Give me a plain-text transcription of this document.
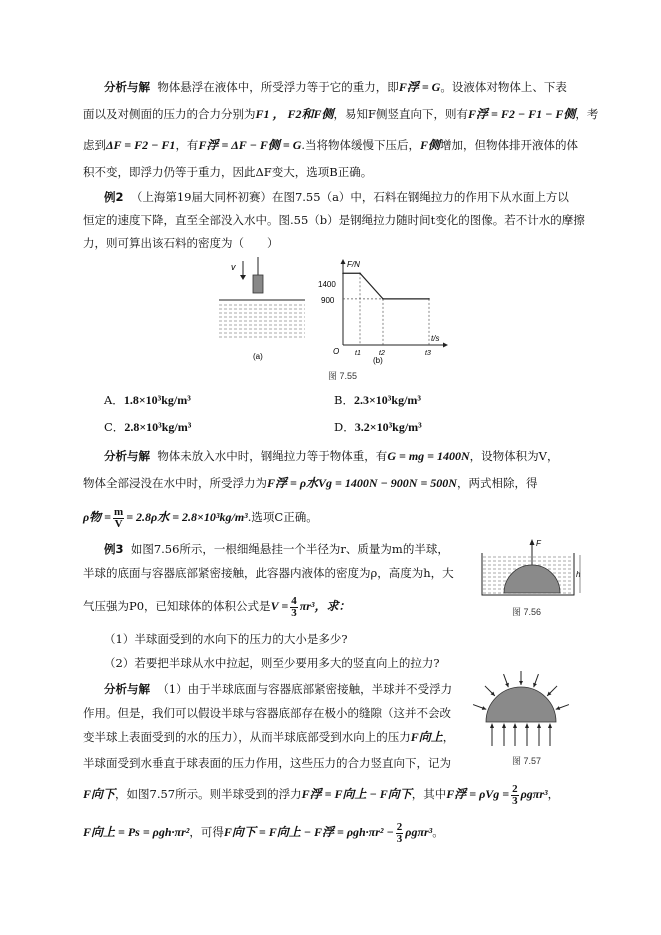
分析与解 物体悬浮在液体中，所受浮力等于它的重力，即F浮 = G。设液体对物体上、下表
面以及对侧面的压力的合力分别为F1 ， F2和F侧，易知F侧竖直向下，则有F浮 = F2 − F1 − F侧，考
虑到ΔF = F2 − F1，有F浮 = ΔF − F侧 = G.当将物体缓慢下压后，F侧增加，但物体排开液体的体
积不变，即浮力仍等于重力，因此ΔF变大，选项B正确。
例2 （上海第19届大同杯初赛）在图7.55（a）中，石料在钢绳拉力的作用下从水面上方以
恒定的速度下降，直至全部没入水中。图.55（b）是钢绳拉力随时间t变化的图像。若不计水的摩擦
力，则可算出该石料的密度为（　　）
v
(a)
F/N
t/s
O
1400
900
t1	t2	t3
(b)
图 7.55
A．1.8×10³kg/m³	B．2.3×10³kg/m³
C．2.8×10³kg/m³	D．3.2×10³kg/m³
分析与解 物体未放入水中时，钢绳拉力等于物体重，有G = mg = 1400N，设物体积为V，
物体全部浸没在水中时，所受浮力为F浮 = ρ水Vg = 1400N − 900N = 500N，两式相除，得
ρ物 = $\frac{m}{V} = 2.8\rho$水 = 2.8×10³kg/m³.选项C正确。
例3 如图7.56所示，一根细绳悬挂一个半径为r、质量为m的半球，
半球的底面与容器底部紧密接触，此容器内液体的密度为ρ，高度为h，大
气压强为P0，已知球体的体积公式是$V = \frac{4}{3} \pi r^3$，求：
（1）半球面受到的水向下的压力的大小是多少?
（2）若要把半球从水中拉起，则至少要用多大的竖直向上的拉力?
F
h
图 7.56
分析与解 （1）由于半球底面与容器底部紧密接触，半球并不受浮力
作用。但是，我们可以假设半球与容器底部存在极小的缝隙（这并不会改
变半球上表面受到的水的压力），从而半球底部受到水向上的压力F向上，
半球面受到水垂直于球表面的压力作用，这些压力的合力竖直向下，记为
F向下，如图7.57所示。则半球受到的浮力F浮 = F向上 − F向下，其中F浮 = $\rho Vg = \frac{2}{3} \rho g\pi r^3$，
F向上 = Ps = ρgh·πr²，可得F向下 = F向上 − F浮 = $\rho gh\cdot\pi r^2 - \frac{2}{3} \rho g\pi r^3$。
图 7.57
